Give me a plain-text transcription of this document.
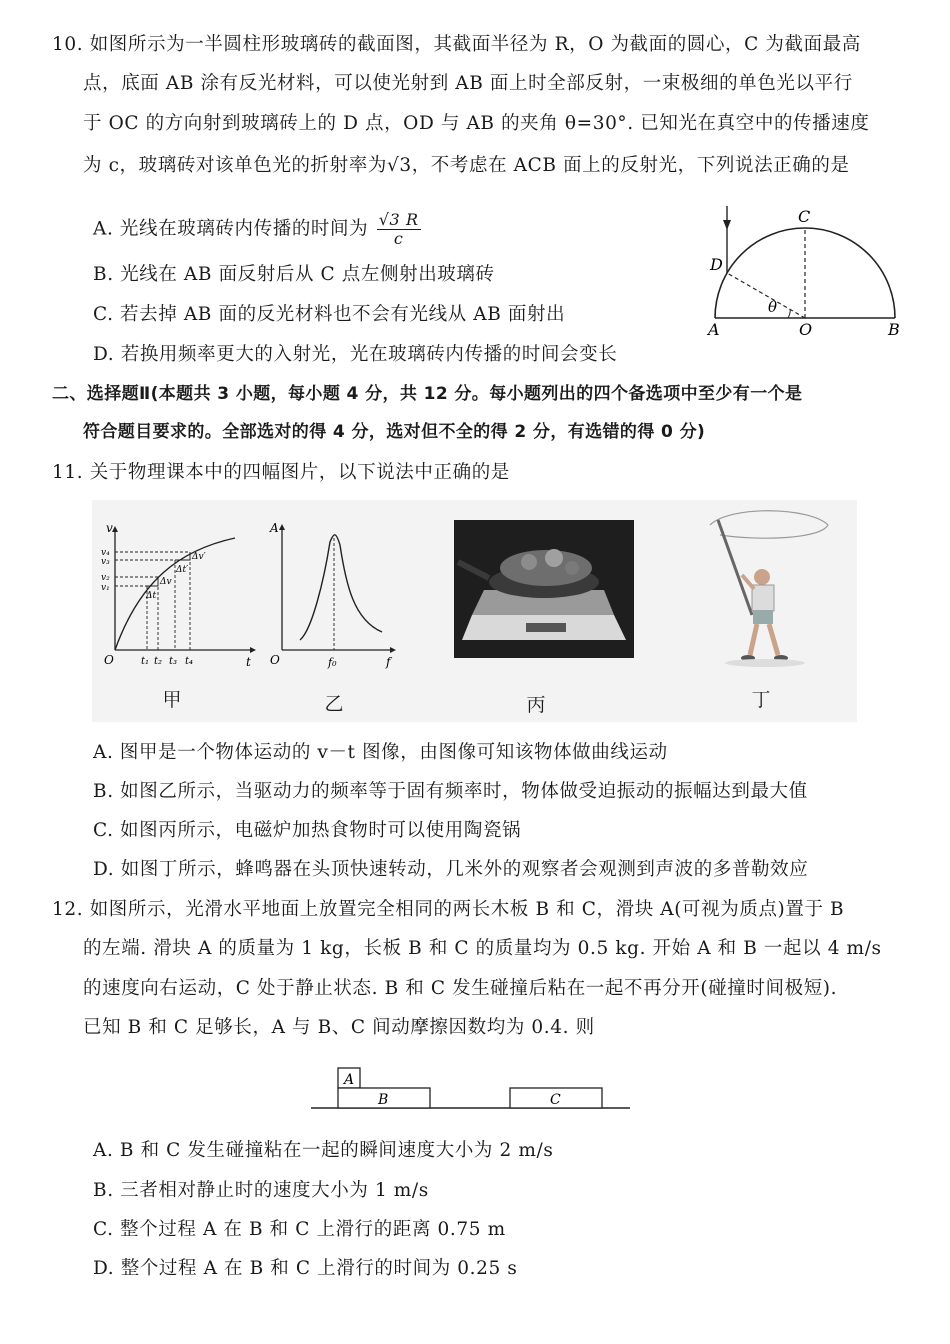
10. 如图所示为一半圆柱形玻璃砖的截面图，其截面半径为 R，O 为截面的圆心，C 为截面最高
点，底面 AB 涂有反光材料，可以使光射到 AB 面上时全部反射，一束极细的单色光以平行
于 OC 的方向射到玻璃砖上的 D 点，OD 与 AB 的夹角 θ=30°. 已知光在真空中的传播速度
为 c，玻璃砖对该单色光的折射率为√3，不考虑在 ACB 面上的反射光，下列说法正确的是
A. 光线在玻璃砖内传播的时间为 $\frac{√3 R}{c}$
B. 光线在 AB 面反射后从 C 点左侧射出玻璃砖
C. 若去掉 AB 面的反光材料也不会有光线从 AB 面射出
D. 若换用频率更大的入射光，光在玻璃砖内传播的时间会变长
C
D
A	O	B
θ
二、选择题Ⅱ(本题共 3 小题，每小题 4 分，共 12 分。每小题列出的四个备选项中至少有一个是
符合题目要求的。全部选对的得 4 分，选对但不全的得 2 分，有选错的得 0 分)
11. 关于物理课本中的四幅图片，以下说法中正确的是
v
t
O
v₄
v₃
v₂
v₁
t₁ t₂ t₃ t₄
Δv
Δt
Δv′
Δt′
A
O	f
f₀
甲	乙	丙	丁
A. 图甲是一个物体运动的 v－t 图像，由图像可知该物体做曲线运动
B. 如图乙所示，当驱动力的频率等于固有频率时，物体做受迫振动的振幅达到最大值
C. 如图丙所示，电磁炉加热食物时可以使用陶瓷锅
D. 如图丁所示，蜂鸣器在头顶快速转动，几米外的观察者会观测到声波的多普勒效应
12. 如图所示，光滑水平地面上放置完全相同的两长木板 B 和 C，滑块 A(可视为质点)置于 B
的左端. 滑块 A 的质量为 1 kg，长板 B 和 C 的质量均为 0.5 kg. 开始 A 和 B 一起以 4 m/s
的速度向右运动，C 处于静止状态. B 和 C 发生碰撞后粘在一起不再分开(碰撞时间极短).
已知 B 和 C 足够长，A 与 B、C 间动摩擦因数均为 0.4. 则
A
B	C
A. B 和 C 发生碰撞粘在一起的瞬间速度大小为 2 m/s
B. 三者相对静止时的速度大小为 1 m/s
C. 整个过程 A 在 B 和 C 上滑行的距离 0.75 m
D. 整个过程 A 在 B 和 C 上滑行的时间为 0.25 s
